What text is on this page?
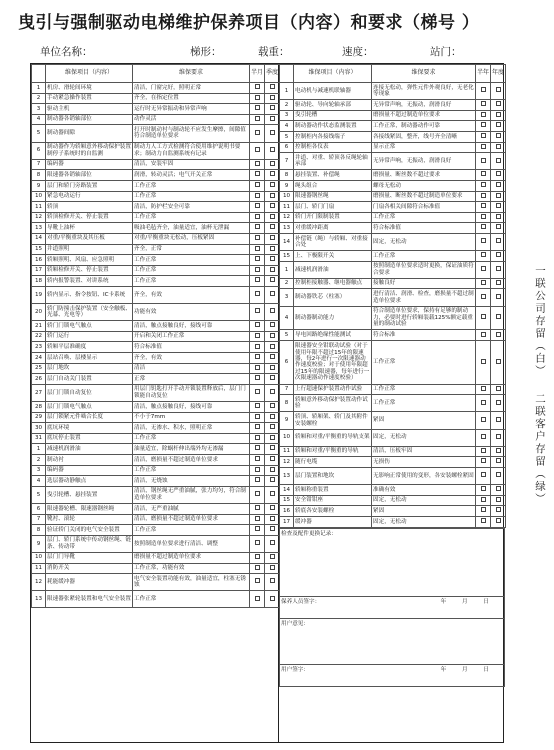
曳引与强制驱动电梯维护保养项目（内容）和要求（梯号 ）
单位名称：	梯形：	载重：	速度：	站门：
	维保项目（内容）	维保要求	半月	季度
1	机房、滑轮间环境	清洁，门窗完好，照明正常		
2	手动紧急操作装置	齐全，在指定位置		
3	驱动主机	运行时无异常振动和异常声响		
4	制动器各销轴部位	动作灵活		
5	制动器间隙	打开时制动衬与制动轮不应发生摩擦，间隙值符合制造单位要求		
6	制动器作为轿厢意外移动保护装置制停子系统时的自监测	制动力人工方式检测符合使用维护说明书要求；制动力自监测系统有记录		
7	编码器	清洁，安装牢固		
8	限速器各销轴部位	润滑，转动灵活；电气开关正常		
9	层门和轿门旁路装置	工作正常		
10	紧急电动运行	工作正常		
11	轿顶	清洁，防护栏安全可靠		
12	轿顶检修开关、停止装置	工作正常		
13	导靴上油杯	吸油毛毡齐全，油量适宜，油杯无泄漏		
14	对重/平衡重块及其压板	对重/平衡重块无松动，压板紧固		
15	井道照明	齐全，正常		
16	轿厢照明、风扇、应急照明	工作正常		
17	轿厢检修开关、停止装置	工作正常		
18	轿内报警装置、对讲系统	工作正常		
19	轿内显示、指令按钮、IC卡系统	齐全，有效		
20	轿门防撞击保护装置（安全触板、光幕、光电等）	功能有效		
21	轿门门锁电气触点	清洁，触点接触良好，接线可靠		
22	轿门运行	开启和关闭工作正常		
23	轿厢平层准确度	符合标准值		
24	层站召唤、层楼显示	齐全，有效		
25	层门地坎	清洁		
26	层门自动关门装置	正常		
27	层门门锁自动复位	用层门钥匙打开手动开锁装置释放后，层门门锁能自动复位		
28	层门门锁电气触点	清洁，触点接触良好，接线可靠		
29	层门锁紧元件啮合长度	不小于7mm		
30	底坑环境	清洁，无渗水、积水，照明正常		
31	底坑停止装置	工作正常		
1	减速机润滑油	油量适宜，除蜗杆伸出端外均无渗漏		
2	制动衬	清洁，磨损量不超过制造单位要求		
3	编码器	工作正常		
4	选层器动静触点	清洁，无烧蚀		
5	曳引轮槽、悬挂装置	清洁，钢丝绳无严重油腻，张力均匀，符合制造单位要求		
6	限速器轮槽、限速器钢丝绳	清洁，无严重油腻		
7	靴衬、滚轮	清洁，磨损量不超过制造单位要求		
8	验证轿门关闭的电气安全装置	工作正常		
9	层门、轿门系统中传动钢丝绳、链条、传动带	按照制造单位要求进行清洁、调整		
10	层门门导靴	磨损量不超过制造单位要求		
11	消防开关	工作正常，功能有效		
12	耗能缓冲器	电气安全装置功能有效，油量适宜，柱塞无锈蚀		
13	限速器张紧轮装置和电气安全装置	工作正常		
	维保项目（内容）	维保要求	半年	年度
1	电动机与减速机联轴器	连接无松动，弹性元件外观良好，无老化等现象		
2	驱动轮、导向轮轴承部	无异常声响，无振动，润滑良好		
3	曳引轮槽	磨损量不超过制造单位要求		
4	制动器动作状态监测装置	工作正常，制动器动作可靠		
5	控制柜内各接线端子	各接线紧固，整齐，线号齐全清晰		
6	控制柜各仪表	显示正常		
7	井道、对重、轿顶各反绳轮轴承部	无异常声响，无振动，润滑良好		
8	悬挂装置、补偿绳	磨损量、断丝数不超过要求		
9	绳头组合	螺母无松动		
10	限速器钢丝绳	磨损量、断丝数不超过制造单位要求		
11	层门、轿门门扇	门扇各相关间隙符合标准值		
12	轿门开门限制装置	工作正常		
13	对重缓冲距离	符合标准值		
14	补偿链（绳）与轿厢、对重接合处	固定，无松动		
15	上、下极限开关	工作正常		
1	减速机润滑油	按照制造单位要求适时更换，保证油质符合要求		
2	控制柜接触器、继电器触点	接触良好		
3	制动器铁芯（柱塞）	进行清洁、润滑、检查，磨损量不超过制造单位要求		
4	制动器制动能力	符合制造单位要求，保持有足够的制动力，必要时进行轿厢装载125%额定载重量的制动试验		
5	导电回路绝缘性能测试	符合标准		
6	限速器安全钳联动试验（对于使用年限不超过15年的限速器，每2年进行一次限速器动作速度校验；对于使用年限超过15年的限速器，每年进行一次限速器动作速度校验）	工作正常		
7	上行超速保护装置动作试验	工作正常		
8	轿厢意外移动保护装置动作试验	工作正常		
9	轿顶、轿厢架、轿门及其附件安装螺栓	紧固		
10	轿厢和对重/平衡重的导轨支架	固定，无松动		
11	轿厢和对重/平衡重的导轨	清洁，压板牢固		
12	随行电缆	无损伤		
13	层门装置和地坎	无影响正常使用的变形，各安装螺栓紧固		
14	轿厢称重装置	准确有效		
15	安全钳钳座	固定，无松动		
16	轿底各安装螺栓	紧固		
17	缓冲器	固定，无松动		
检查及配件更换记录：
保养人员签字：	年	月	日

用户意见：
用户签字：	年	月	日
一联公司存留（白）
二联客户存留（绿）
